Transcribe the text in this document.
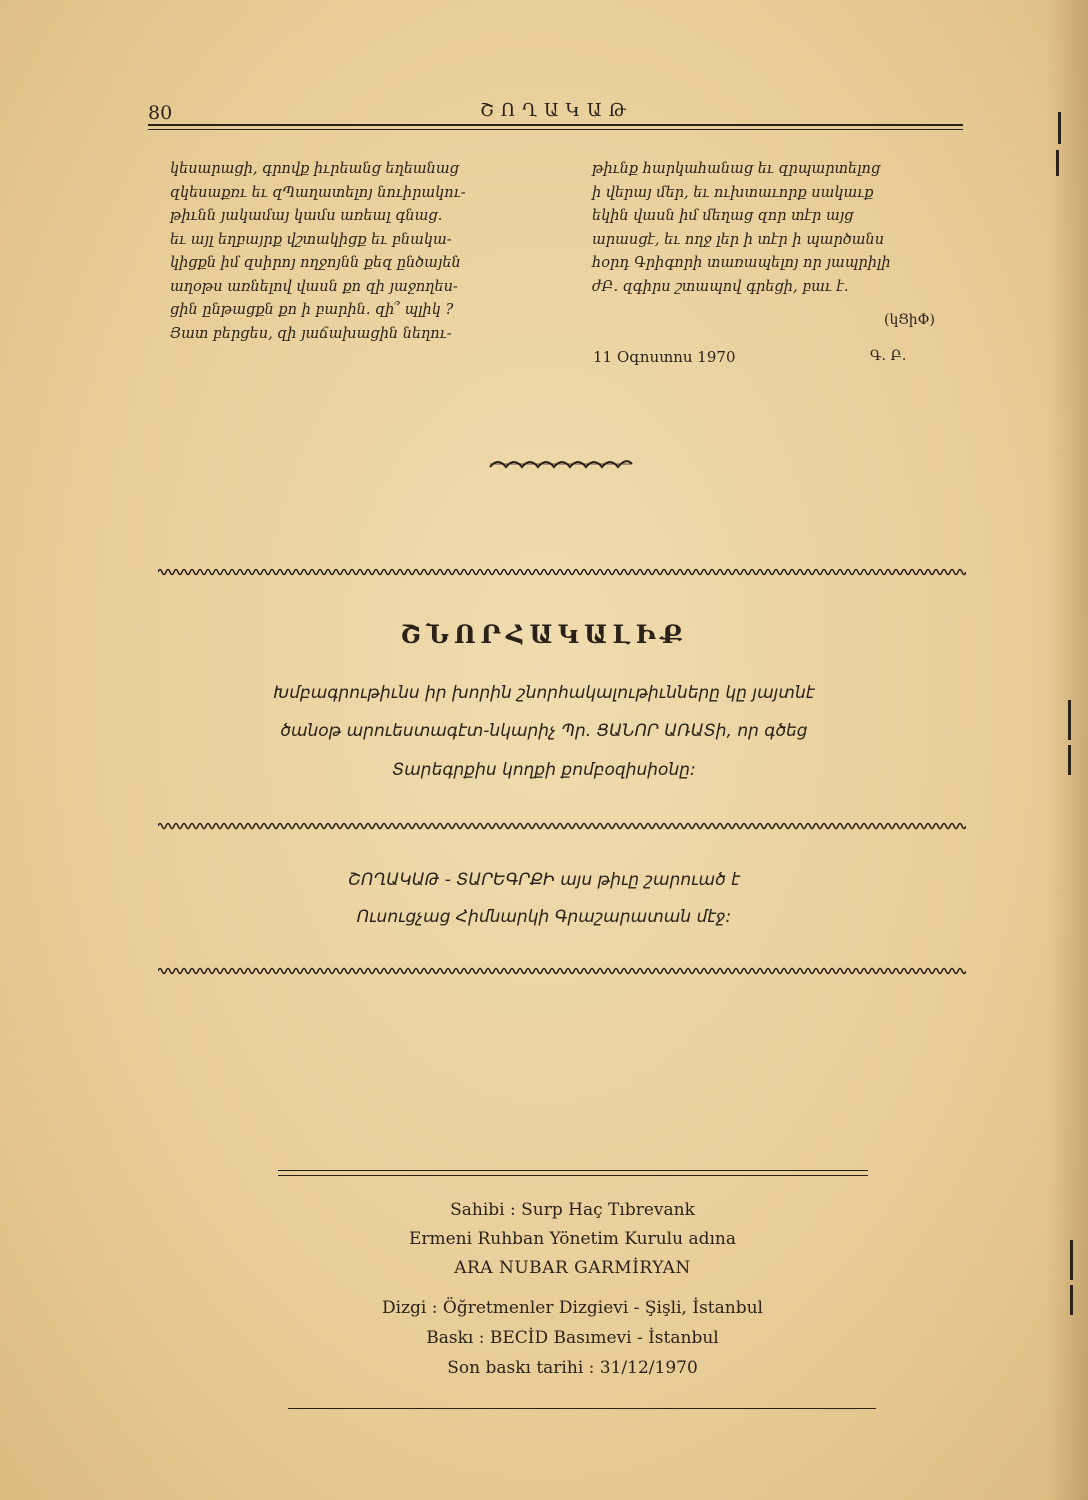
80	ՇՈՂԱԿԱԹ

կեսարացի, գրովք իւրեանց եղեանաց

զկեսաքռւ եւ զՊաղատելոյ նուիրակու-

թիւնն յակամայ կամս առեալ գնաց.

եւ այլ եղբայրք վշտակիցք եւ բնակա-

կիցքն իմ զսիրոյ ողջոյնն քեզ ընծայեն

աղօթս առնելով վասն քո զի յաջողես-

ցին ընթացքն քո ի բարին. զի՞ պլիկ ?

Յատ բերցես, զի յաճախացին նեղու-

թիւնք հարկահանաց եւ զրպարտելոց

ի վերայ մեր, եւ ուխտաւորք սակաւք

եկին վասն իմ մեղաց զոր տէր այց

արասցէ, եւ ողջ լեր ի տէր ի պարծանս

հօրդ Գրիգորի տառապելոյ որ յապրիլի

ժԲ. զգիրս շտապով գրեցի, բաւ է.

(կՑիՓ)
11 Օգոստոս 1970	Գ. Բ.
ՇՆՈՐՀԱԿԱԼԻՔ
Խմբագրութիւնս իր խորին շնորհակալութիւնները կը յայտնէ
ծանօթ արուեստագէտ-նկարիչ Պր. ՑԱՆՈՐ ԱՌԱՏի, որ գծեց
Տարեգրքիս կողքի քոմբօզիսիօնը:
ՇՈՂԱԿԱԹ - ՏԱՐԵԳՐՔԻ այս թիւը շարուած է
Ուսուցչաց Հիմնարկի Գրաշարատան մէջ:
Sahibi : Surp Haç Tıbrevank
Ermeni Ruhban Yönetim Kurulu adına
ARA NUBAR GARMİRYAN
Dizgi : Öğretmenler Dizgievi - Şişli, İstanbul
Baskı : BECİD Basımevi - İstanbul
Son baskı tarihi : 31/12/1970
